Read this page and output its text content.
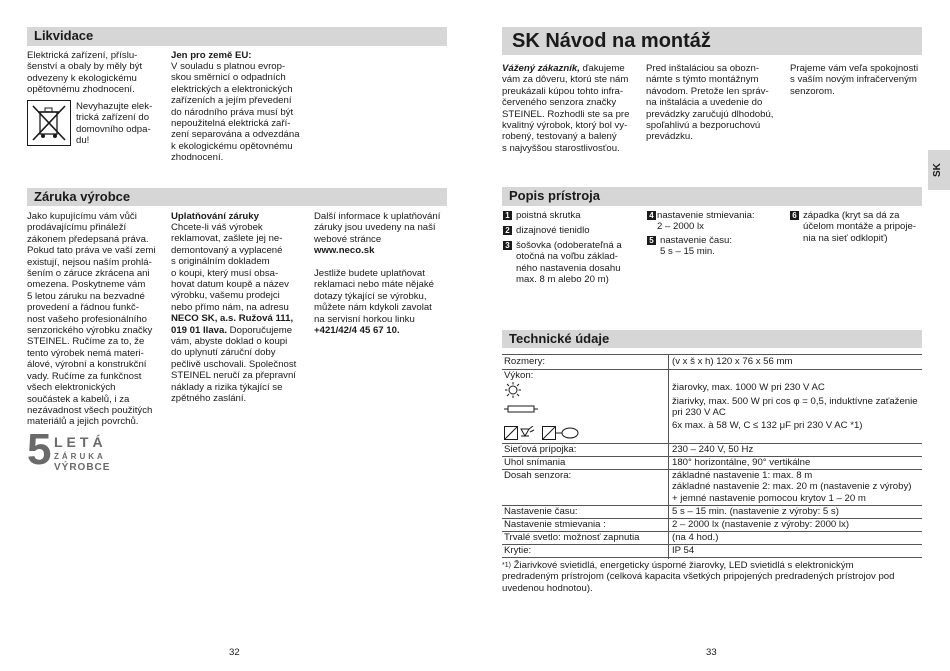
Likvidace
Elektrická zařízení, příslu-
šenství a obaly by měly být
odvezeny k ekologickému
opětovnému zhodnocení.
Nevyhazujte elek-
trická zařízení do
domovního odpa-
du!
Jen pro země EU:
V souladu s platnou evrop-
skou směrnicí o odpadních
elektrických a elektronických
zařízeních a jejím převedení
do národního práva musí být
nepoužitelná elektrická zaří-
zení separována a odvezdána
k ekologickému opětovnému
zhodnocení.
Záruka výrobce
Jako kupujícímu vám vůči
prodávajícímu přináleží
zákonem předepsaná práva.
Pokud tato práva ve vaší zemi
existují, nejsou naším prohlá-
šením o záruce zkrácena ani
omezena. Poskytneme vám
5 letou záruku na bezvadné
provedení a řádnou funkč-
nost vašeho profesionálního
senzorického výrobku značky
STEINEL. Ručíme za to, že
tento výrobek nemá materi-
álové, výrobní a konstrukční
vady. Ručíme za funkčnost
všech elektronických
součástek a kabelů, i za
nezávadnost všech použitých
materiálů a jejich povrchů.
Uplatňování záruky
Chcete-li váš výrobek
reklamovat, zašlete jej ne-
demontovaný a vyplacené
s originálním dokladem
o koupi, který musí obsa-
hovat datum koupě a název
výrobku, vašemu prodejci
nebo přímo nám, na adresu
NECO SK, a.s. Ružová 111,
019 01 Ilava. Doporučujeme
vám, abyste doklad o koupi
do uplynutí záruční doby
pečlivě uschovali. Společnost
STEINEL neručí za přepravní
náklady a rizika týkající se
zpětného zaslání.
Další informace k uplatňování
záruky jsou uvedeny na naší
webové stránce
www.neco.sk

Jestliže budete uplatňovat
reklamaci nebo máte nějaké
dotazy týkající se výrobku,
můžete nám kdykoli zavolat
na servisní horkou linku
+421/42/4 45 67 10.
5 LETÁ
ZÁRUKA
VÝROBCE
32
SK Návod na montáž
Vážený zákazník, ďakujeme
vám za dôveru, ktorú ste nám
preukázali kúpou tohto infra-
červeného senzora značky
STEINEL. Rozhodli ste sa pre
kvalitný výrobok, ktorý bol vy-
robený, testovaný a balený
s najvyššou starostlivosťou.
Pred inštaláciou sa obozn-
námte s týmto montážnym
návodom. Pretože len správ-
na inštalácia a uvedenie do
prevádzky zaručujú dlhodobú,
spoľahlivú a bezporuchovú
prevádzku.
Prajeme vám veľa spokojnosti
s vaším novým infračerveným
senzorom.
SK
Popis prístroja
1 poistná skrutka
2 dizajnové tienidlo
3 šošovka (odoberateľná a
otočná na voľbu základ-
ného nastavenia dosahu
max. 8 m alebo 20 m)
4 nastavenie stmievania:
2 – 2000 lx
5 nastavenie času:
5 s – 15 min.
6 západka (kryt sa dá za
účelom montáže a pripoje-
nia na sieť odklopiť)
Technické údaje
Rozmery:	(v x š x h) 120 x 76 x 56 mm
Výkon:
žiarovky, max. 1000 W pri 230 V AC
žiarivky, max. 500 W pri cos φ = 0,5, induktívne zaťaženie
pri 230 V AC
6x max. à 58 W, C ≤ 132 μF pri 230 V AC *1)
Sieťová prípojka:	230 – 240 V, 50 Hz
Uhol snímania	180° horizontálne, 90° vertikálne
Dosah senzora:	základné nastavenie 1: max. 8 m
základné nastavenie 2: max. 20 m (nastavenie z výroby)
+ jemné nastavenie pomocou krytov 1 – 20 m
Nastavenie času:	5 s – 15 min. (nastavenie z výroby: 5 s)
Nastavenie stmievania :	2 – 2000 lx (nastavenie z výroby: 2000 lx)
Trvalé svetlo: možnosť zapnutia	(na 4 hod.)
Krytie:	IP 54
$^{*1)}$ Žiarivkové svietidlá, energeticky úsporné žiarovky, LED svietidlá s elektronickým
predradeným prístrojom (celková kapacita všetkých pripojených predradených prístrojov pod
uvedenou hodnotou).
33
